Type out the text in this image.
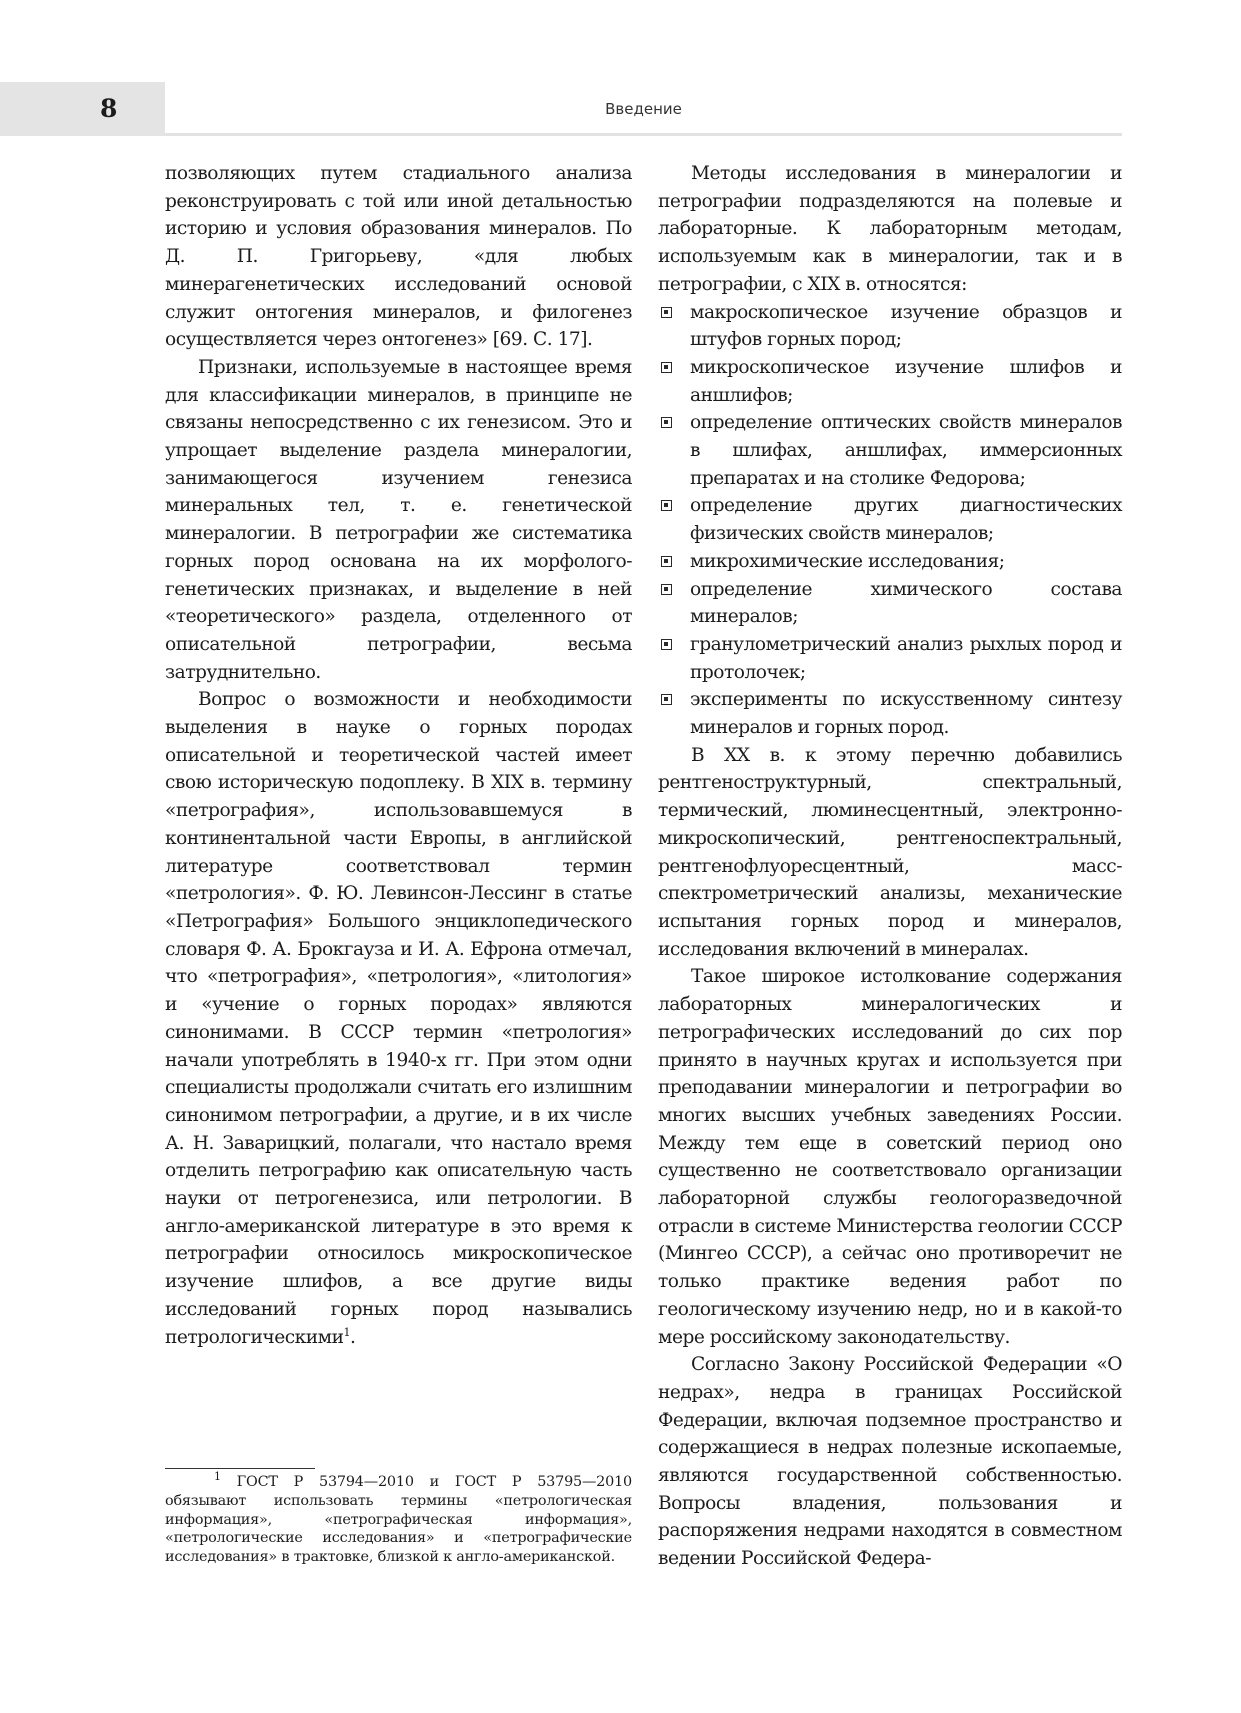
8	Введение

позволяющих путем стадиального анализа реконструировать с той или иной детальностью историю и условия образования минералов. По Д. П. Григорьеву, «для любых минерагенетических исследований основой служит онтогения минералов, и филогенез осуществляется через онтогенез» [69. С. 17].

Признаки, используемые в настоящее время для классификации минералов, в принципе не связаны непосредственно с их генезисом. Это и упрощает выделение раздела минералогии, занимающегося изучением генезиса минеральных тел, т. е. генетической минералогии. В петрографии же систематика горных пород основана на их морфолого-генетических признаках, и выделение в ней «теоретического» раздела, отделенного от описательной петрографии, весьма затруднительно.

Вопрос о возможности и необходимости выделения в науке о горных породах описательной и теоретической частей имеет свою историческую подоплеку. В XIX в. термину «петрография», использовавшемуся в континентальной части Европы, в английской литературе соответствовал термин «петрология». Ф. Ю. Левинсон-Лессинг в статье «Петрография» Большого энциклопедического словаря Ф. А. Брокгауза и И. А. Ефрона отмечал, что «петрография», «петрология», «литология» и «учение о горных породах» являются синонимами. В СССР термин «петрология» начали употреблять в 1940-х гг. При этом одни специалисты продолжали считать его излишним синонимом петрографии, а другие, и в их числе А. Н. Заварицкий, полагали, что настало время отделить петрографию как описательную часть науки от петрогенезиса, или петрологии. В англо-американской литературе в это время к петрографии относилось микроскопическое изучение шлифов, а все другие виды исследований горных пород назывались петрологическими$^1$.

Методы исследования в минералогии и петрографии подразделяются на полевые и лабораторные. К лабораторным методам, используемым как в минералогии, так и в петрографии, с XIX в. относятся:

макроскопическое изучение образцов и штуфов горных пород;
микроскопическое изучение шлифов и аншлифов;
определение оптических свойств минералов в шлифах, аншлифах, иммерсионных препаратах и на столике Федорова;
определение других диагностических физических свойств минералов;
микрохимические исследования;
определение химического состава минералов;
гранулометрический анализ рыхлых пород и протолочек;
эксперименты по искусственному синтезу минералов и горных пород.

В XX в. к этому перечню добавились рентгеноструктурный, спектральный, термический, люминесцентный, электронно-микроскопический, рентгеноспектральный, рентгенофлуоресцентный, масс-спектрометрический анализы, механические испытания горных пород и минералов, исследования включений в минералах.

Такое широкое истолкование содержания лабораторных минералогических и петрографических исследований до сих пор принято в научных кругах и используется при преподавании минералогии и петрографии во многих высших учебных заведениях России. Между тем еще в советский период оно существенно не соответствовало организации лабораторной службы геологоразведочной отрасли в системе Министерства геологии СССР (Мингео СССР), а сейчас оно противоречит не только практике ведения работ по геологическому изучению недр, но и в какой-то мере российскому законодательству.

Согласно Закону Российской Федерации «О недрах», недра в границах Российской Федерации, включая подземное пространство и содержащиеся в недрах полезные ископаемые, являются государственной собственностью. Вопросы владения, пользования и распоряжения недрами находятся в совместном ведении Российской Федера-

$^1$ ГОСТ Р 53794—2010 и ГОСТ Р 53795—2010 обязывают использовать термины «петрологическая информация», «петрографическая информация», «петрологические исследования» и «петрографические исследования» в трактовке, близкой к англо-американской.
